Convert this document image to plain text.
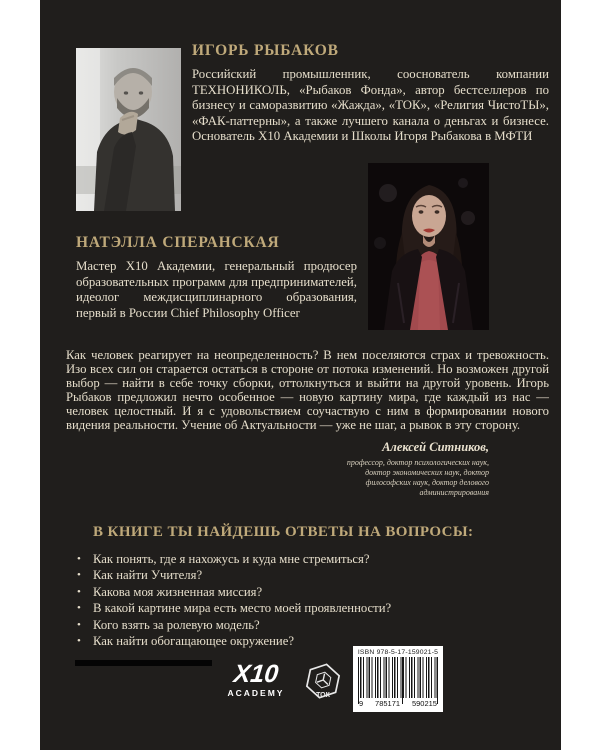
ИГОРЬ РЫБАКОВ

Российский промышленник, сооснователь компании ТЕХНОНИКОЛЬ, «Рыбаков Фонда», автор бестселлеров по бизнесу и саморазвитию «Жажда», «ТОК», «Религия ЧистоТЫ», «ФАК-паттерны», а также лучшего канала о деньгах и бизнесе. Основатель Х10 Академии и Школы Игоря Рыбакова в МФТИ

НАТЭЛЛА СПЕРАНСКАЯ

Мастер Х10 Академии, генеральный продюсер образовательных программ для предпринимателей, идеолог междисциплинарного образования, первый в России Chief Philosophy Officer

Как человек реагирует на неопределенность? В нем поселяются страх и тревожность. Изо всех сил он старается остаться в стороне от потока изменений. Но возможен другой выбор — найти в себе точку сборки, оттолкнуться и выйти на другой уровень. Игорь Рыбаков предложил нечто особенное — новую картину мира, где каждый из нас — человек целостный. И я с удовольствием соучаствую с ним в формировании нового видения реальности. Учение об Актуальности — уже не шаг, а рывок в эту сторону.

Алексей Ситников,
профессор, доктор психологических наук,
доктор экономических наук, доктор
философских наук, доктор делового
администрирования
В КНИГЕ ТЫ НАЙДЕШЬ ОТВЕТЫ НА ВОПРОСЫ:
• Как понять, где я нахожусь и куда мне стремиться?
• Как найти Учителя?
• Какова моя жизненная миссия?
• В какой картине мира есть место моей проявленности?
• Кого взять за ролевую модель?
• Как найти обогащающее окружение?
X10
ACADEMY	ТОК
ISBN 978-5-17-159021-5
9 785171 590215
